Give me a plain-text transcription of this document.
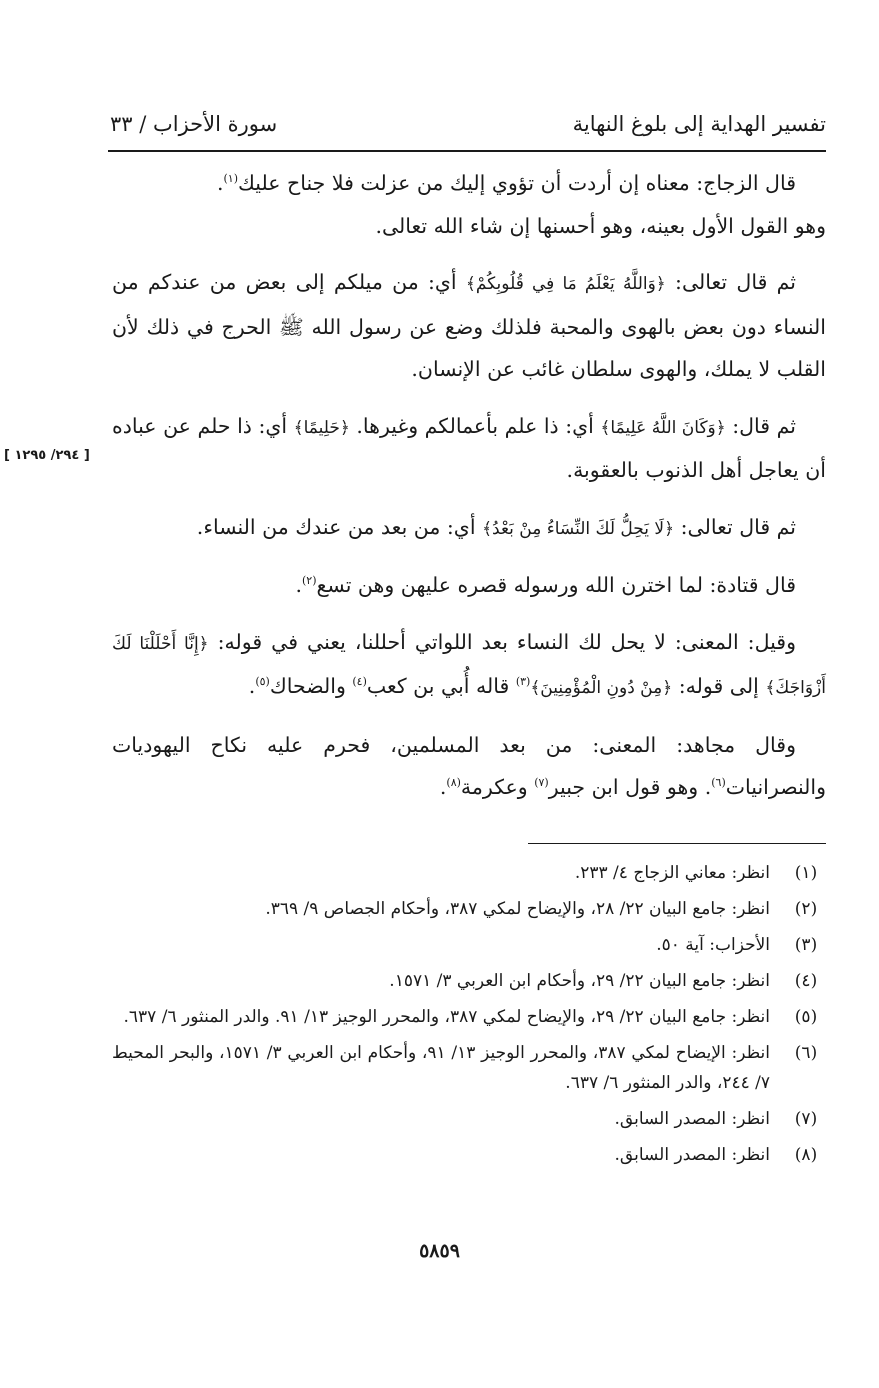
تفسير الهداية إلى بلوغ النهاية
سورة الأحزاب / ٣٣
[ ٢٩٤/ ١٢٩٥ ]

قال الزجاج: معناه إن أردت أن تؤوي إليك من عزلت فلا جناح عليك$^{(١)}$.

وهو القول الأول بعينه، وهو أحسنها إن شاء الله تعالى.

ثم قال تعالى: ﴿وَاللَّهُ يَعْلَمُ مَا فِي قُلُوبِكُمْ﴾ أي: من ميلكم إلى بعض من عندكم من النساء دون بعض بالهوى والمحبة فلذلك وضع عن رسول الله ﷺ الحرج في ذلك لأن القلب لا يملك، والهوى سلطان غائب عن الإنسان.

ثم قال: ﴿وَكَانَ اللَّهُ عَلِيمًا﴾ أي: ذا علم بأعمالكم وغيرها. ﴿حَلِيمًا﴾ أي: ذا حلم عن عباده أن يعاجل أهل الذنوب بالعقوبة.

ثم قال تعالى: ﴿لَا يَحِلُّ لَكَ النِّسَاءُ مِنْ بَعْدُ﴾ أي: من بعد من عندك من النساء.

قال قتادة: لما اخترن الله ورسوله قصره عليهن وهن تسع$^{(٢)}$.

وقيل: المعنى: لا يحل لك النساء بعد اللواتي أحللنا، يعني في قوله: ﴿إِنَّا أَحْلَلْنَا لَكَ أَزْوَاجَكَ﴾ إلى قوله: ﴿مِنْ دُونِ الْمُؤْمِنِينَ﴾$^{(٣)}$ قاله أُبي بن كعب$^{(٤)}$ والضحاك$^{(٥)}$.

وقال مجاهد: المعنى: من بعد المسلمين، فحرم عليه نكاح اليهوديات والنصرانيات$^{(٦)}$. وهو قول ابن جبير$^{(٧)}$ وعكرمة$^{(٨)}$.

(١)
انظر: معاني الزجاج ٤/ ٢٣٣.
(٢)
انظر: جامع البيان ٢٢/ ٢٨، والإيضاح لمكي ٣٨٧، وأحكام الجصاص ٩/ ٣٦٩.
(٣)
الأحزاب: آية ٥٠.
(٤)
انظر: جامع البيان ٢٢/ ٢٩، وأحكام ابن العربي ٣/ ١٥٧١.
(٥)
انظر: جامع البيان ٢٢/ ٢٩، والإيضاح لمكي ٣٨٧، والمحرر الوجيز ١٣/ ٩١. والدر المنثور ٦/ ٦٣٧.
(٦)
انظر: الإيضاح لمكي ٣٨٧، والمحرر الوجيز ١٣/ ٩١، وأحكام ابن العربي ٣/ ١٥٧١، والبحر المحيط ٧/ ٢٤٤، والدر المنثور ٦/ ٦٣٧.
(٧)
انظر: المصدر السابق.
(٨)
انظر: المصدر السابق.
٥٨٥٩
